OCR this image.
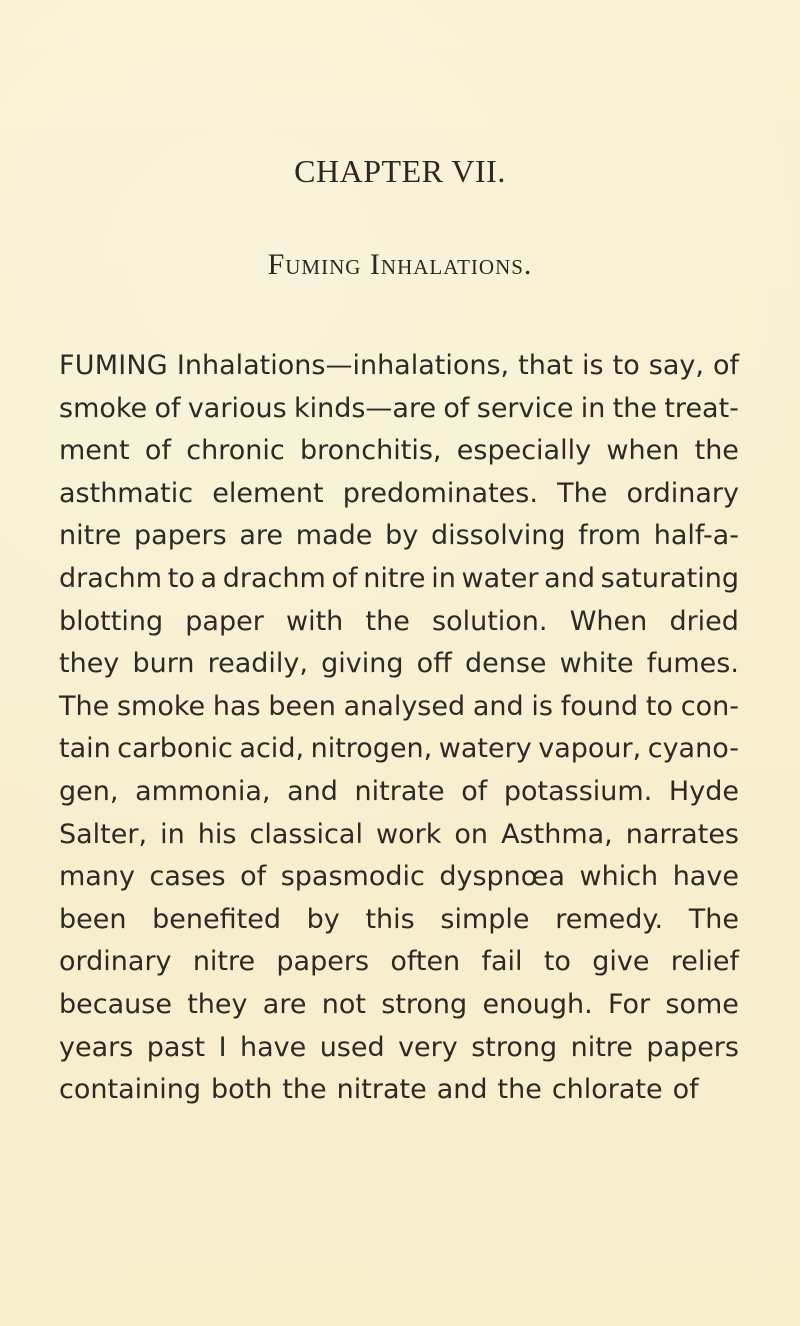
CHAPTER VII.
Fuming Inhalations.
FUMING Inhalations—inhalations, that is to say, of
smoke of various kinds—are of service in the treat-
ment of chronic bronchitis, especially when the
asthmatic element predominates. The ordinary
nitre papers are made by dissolving from half-a-
drachm to a drachm of nitre in water and saturating
blotting paper with the solution. When dried
they burn readily, giving off dense white fumes.
The smoke has been analysed and is found to con-
tain carbonic acid, nitrogen, watery vapour, cyano-
gen, ammonia, and nitrate of potassium. Hyde
Salter, in his classical work on Asthma, narrates
many cases of spasmodic dyspnœa which have
been benefited by this simple remedy. The
ordinary nitre papers often fail to give relief
because they are not strong enough. For some
years past I have used very strong nitre papers
containing both the nitrate and the chlorate of
